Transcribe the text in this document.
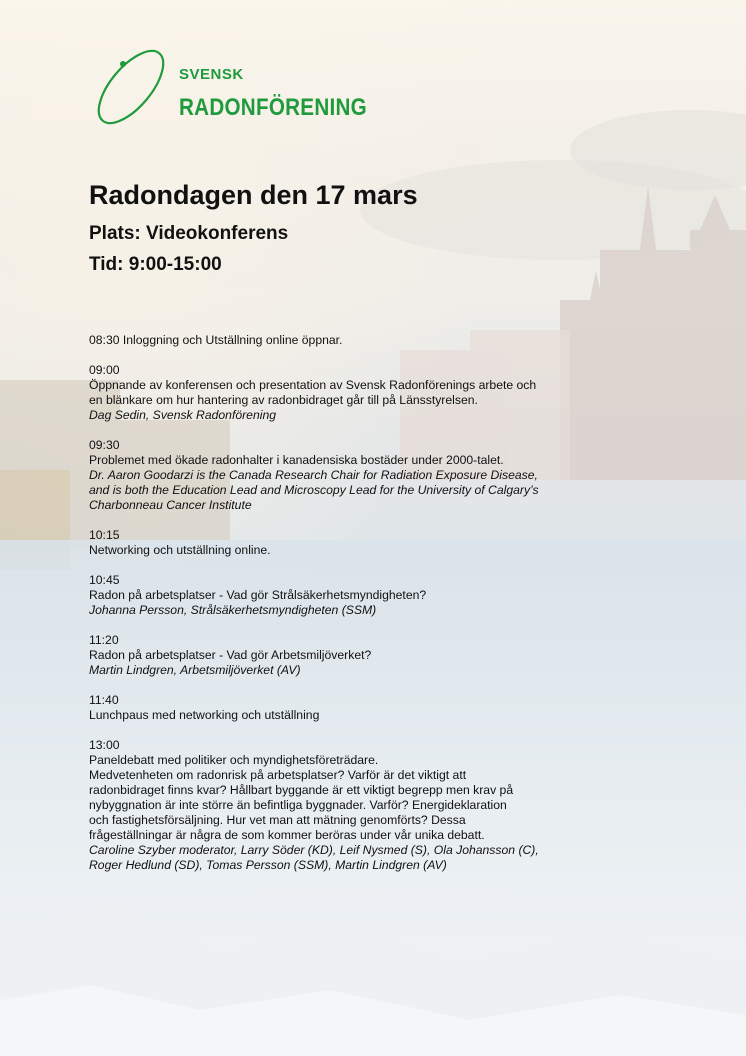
SVENSK
RADONFÖRENING
Radondagen den 17 mars
Plats: Videokonferens
Tid: 9:00-15:00
08:30 Inloggning och Utställning online öppnar.
09:00
Öppnande av konferensen och presentation av Svensk Radonförenings arbete och
en blänkare om hur hantering av radonbidraget går till på Länsstyrelsen.
Dag Sedin, Svensk Radonförening
09:30
Problemet med ökade radonhalter i kanadensiska bostäder under 2000-talet.
Dr. Aaron Goodarzi is the Canada Research Chair for Radiation Exposure Disease,
and is both the Education Lead and Microscopy Lead for the University of Calgary’s
Charbonneau Cancer Institute
10:15
Networking och utställning online.
10:45
Radon på arbetsplatser - Vad gör Strålsäkerhetsmyndigheten?
Johanna Persson, Strålsäkerhetsmyndigheten (SSM)
11:20
Radon på arbetsplatser - Vad gör Arbetsmiljöverket?
Martin Lindgren, Arbetsmiljöverket (AV)
11:40
Lunchpaus med networking och utställning
13:00
Paneldebatt med politiker och myndighetsföreträdare.
Medvetenheten om radonrisk på arbetsplatser? Varför är det viktigt att
radonbidraget finns kvar? Hållbart byggande är ett viktigt begrepp men krav på
nybyggnation är inte större än befintliga byggnader. Varför? Energideklaration
och fastighetsförsäljning. Hur vet man att mätning genomförts? Dessa
frågeställningar är några de som kommer beröras under vår unika debatt.
Caroline Szyber moderator, Larry Söder (KD), Leif Nysmed (S), Ola Johansson (C),
Roger Hedlund (SD), Tomas Persson (SSM), Martin Lindgren (AV)
